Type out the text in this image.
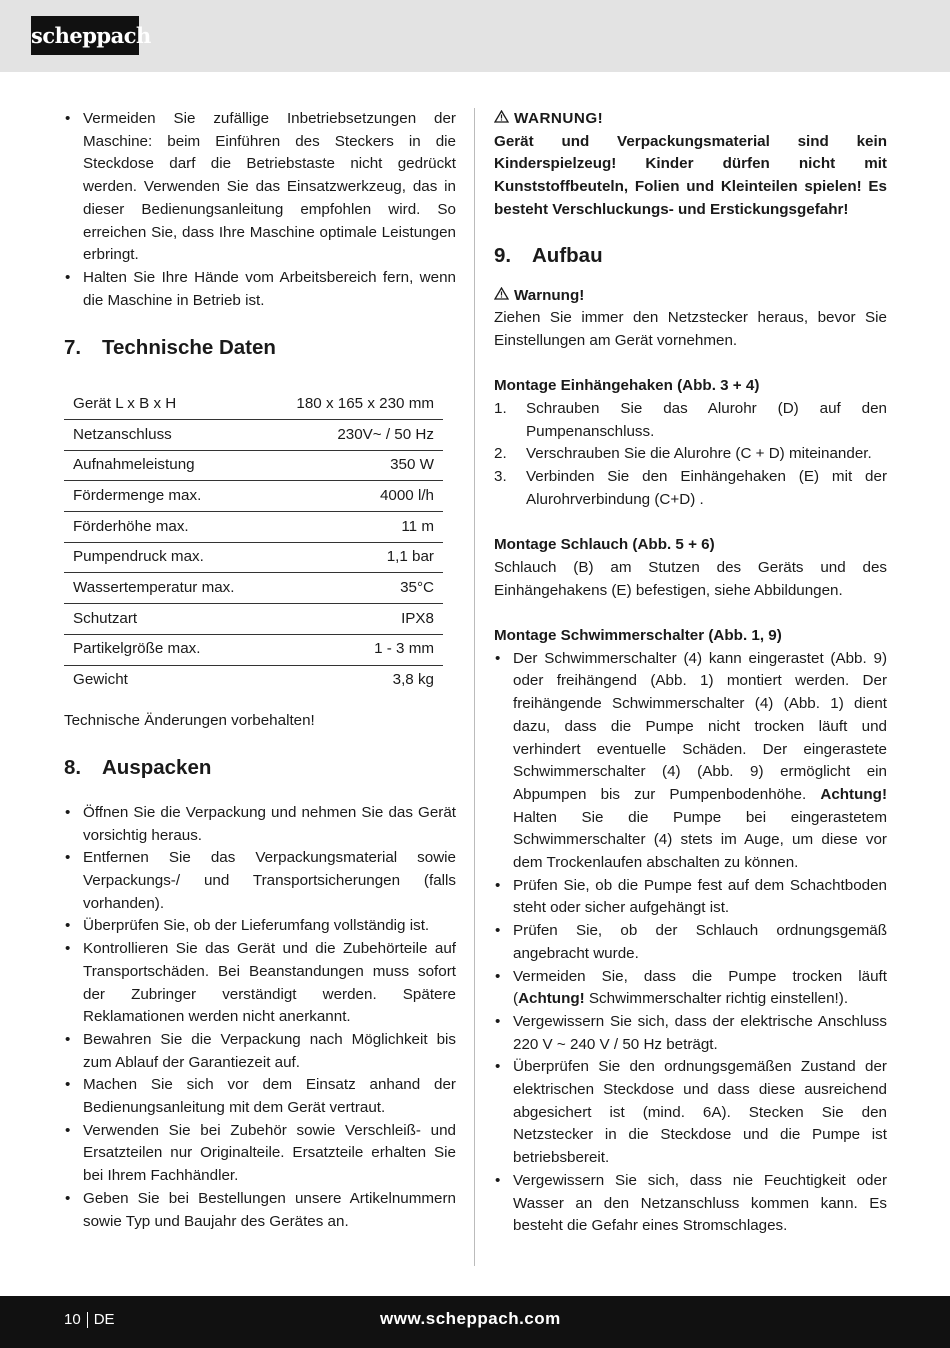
scheppach
• Vermeiden Sie zufällige Inbetriebsetzungen der Maschine: beim Einführen des Steckers in die Steckdose darf die Betriebstaste nicht gedrückt werden. Verwenden Sie das Einsatzwerkzeug, das in dieser Bedienungsanleitung empfohlen wird. So erreichen Sie, dass Ihre Maschine optimale Leistungen erbringt.
• Halten Sie Ihre Hände vom Arbeitsbereich fern, wenn die Maschine in Betrieb ist.
7. Technische Daten
Gerät L x B x H	180 x 165 x 230 mm
Netzanschluss	230V~ / 50 Hz
Aufnahmeleistung	350 W
Fördermenge max.	4000 l/h
Förderhöhe max.	11 m
Pumpendruck max.	1,1 bar
Wassertemperatur max.	35°C
Schutzart	IPX8
Partikelgröße max.	1 - 3 mm
Gewicht	3,8 kg

Technische Änderungen vorbehalten!

8. Auspacken
• Öffnen Sie die Verpackung und nehmen Sie das Gerät vorsichtig heraus.
• Entfernen Sie das Verpackungsmaterial sowie Verpackungs-/ und Transportsicherungen (falls vorhanden).
• Überprüfen Sie, ob der Lieferumfang vollständig ist.
• Kontrollieren Sie das Gerät und die Zubehörteile auf Transportschäden. Bei Beanstandungen muss sofort der Zubringer verständigt werden. Spätere Reklamationen werden nicht anerkannt.
• Bewahren Sie die Verpackung nach Möglichkeit bis zum Ablauf der Garantiezeit auf.
• Machen Sie sich vor dem Einsatz anhand der Bedienungsanleitung mit dem Gerät vertraut.
• Verwenden Sie bei Zubehör sowie Verschleiß- und Ersatzteilen nur Originalteile. Ersatzteile erhalten Sie bei Ihrem Fachhändler.
• Geben Sie bei Bestellungen unsere Artikelnummern sowie Typ und Baujahr des Gerätes an.
WARNUNG!

Gerät und Verpackungsmaterial sind kein Kinderspielzeug! Kinder dürfen nicht mit Kunststoffbeuteln, Folien und Kleinteilen spielen! Es besteht Verschluckungs- und Erstickungsgefahr!

9. Aufbau
Warnung!

Ziehen Sie immer den Netzstecker heraus, bevor Sie Einstellungen am Gerät vornehmen.

Montage Einhängehaken (Abb. 3 + 4)
1. Schrauben Sie das Alurohr (D) auf den Pumpenanschluss.
2. Verschrauben Sie die Alurohre (C + D) miteinander.
3. Verbinden Sie den Einhängehaken (E) mit der Alurohrverbindung (C+D) .
Montage Schlauch (Abb. 5 + 6)

Schlauch (B) am Stutzen des Geräts und des Einhängehakens (E) befestigen, siehe Abbildungen.

Montage Schwimmerschalter (Abb. 1, 9)
• Der Schwimmerschalter (4) kann eingerastet (Abb. 9) oder freihängend (Abb. 1) montiert werden. Der freihängende Schwimmerschalter (4) (Abb. 1) dient dazu, dass die Pumpe nicht trocken läuft und verhindert eventuelle Schäden. Der eingerastete Schwimmerschalter (4) (Abb. 9) ermöglicht ein Abpumpen bis zur Pumpenbodenhöhe. Achtung! Halten Sie die Pumpe bei eingerastetem Schwimmerschalter (4) stets im Auge, um diese vor dem Trockenlaufen abschalten zu können.
• Prüfen Sie, ob die Pumpe fest auf dem Schachtboden steht oder sicher aufgehängt ist.
• Prüfen Sie, ob der Schlauch ordnungsgemäß angebracht wurde.
• Vermeiden Sie, dass die Pumpe trocken läuft (Achtung! Schwimmerschalter richtig einstellen!).
• Vergewissern Sie sich, dass der elektrische Anschluss 220 V ~ 240 V / 50 Hz beträgt.
• Überprüfen Sie den ordnungsgemäßen Zustand der elektrischen Steckdose und dass diese ausreichend abgesichert ist (mind. 6A). Stecken Sie den Netzstecker in die Steckdose und die Pumpe ist betriebsbereit.
• Vergewissern Sie sich, dass nie Feuchtigkeit oder Wasser an den Netzanschluss kommen kann. Es besteht die Gefahr eines Stromschlages.
10 DE	www.scheppach.com
